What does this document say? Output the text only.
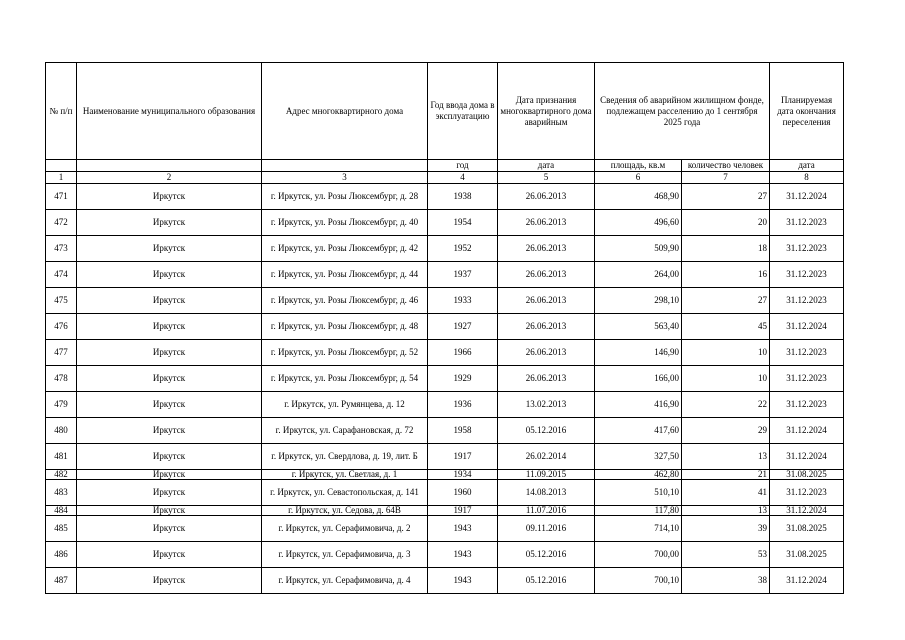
№ п/п	Наименование муниципального образования	Адрес многоквартирного дома	Год ввода дома в эксплуатацию	Дата признания многоквартирного дома аварийным	Сведения об аварийном жилищном фонде, подлежащем расселению до 1 сентября 2025 года		Планируемая дата окончания переселения
			год	дата	площадь, кв.м	количество человек	дата
1	2	3	4	5	6	7	8
471	Иркутск	г. Иркутск, ул. Розы Люксембург, д. 28	1938	26.06.2013	468,90	27	31.12.2024
472	Иркутск	г. Иркутск, ул. Розы Люксембург, д. 40	1954	26.06.2013	496,60	20	31.12.2023
473	Иркутск	г. Иркутск, ул. Розы Люксембург, д. 42	1952	26.06.2013	509,90	18	31.12.2023
474	Иркутск	г. Иркутск, ул. Розы Люксембург, д. 44	1937	26.06.2013	264,00	16	31.12.2023
475	Иркутск	г. Иркутск, ул. Розы Люксембург, д. 46	1933	26.06.2013	298,10	27	31.12.2023
476	Иркутск	г. Иркутск, ул. Розы Люксембург, д. 48	1927	26.06.2013	563,40	45	31.12.2024
477	Иркутск	г. Иркутск, ул. Розы Люксембург, д. 52	1966	26.06.2013	146,90	10	31.12.2023
478	Иркутск	г. Иркутск, ул. Розы Люксембург, д. 54	1929	26.06.2013	166,00	10	31.12.2023
479	Иркутск	г. Иркутск, ул. Румянцева, д. 12	1936	13.02.2013	416,90	22	31.12.2023
480	Иркутск	г. Иркутск, ул. Сарафановская, д. 72	1958	05.12.2016	417,60	29	31.12.2024
481	Иркутск	г. Иркутск, ул. Свердлова, д. 19, лит. Б	1917	26.02.2014	327,50	13	31.12.2024
482	Иркутск	г. Иркутск, ул. Светлая, д. 1	1934	11.09.2015	462,80	21	31.08.2025
483	Иркутск	г. Иркутск, ул. Севастопольская, д. 141	1960	14.08.2013	510,10	41	31.12.2023
484	Иркутск	г. Иркутск, ул. Седова, д. 64В	1917	11.07.2016	117,80	13	31.12.2024
485	Иркутск	г. Иркутск, ул. Серафимовича, д. 2	1943	09.11.2016	714,10	39	31.08.2025
486	Иркутск	г. Иркутск, ул. Серафимовича, д. 3	1943	05.12.2016	700,00	53	31.08.2025
487	Иркутск	г. Иркутск, ул. Серафимовича, д. 4	1943	05.12.2016	700,10	38	31.12.2024
